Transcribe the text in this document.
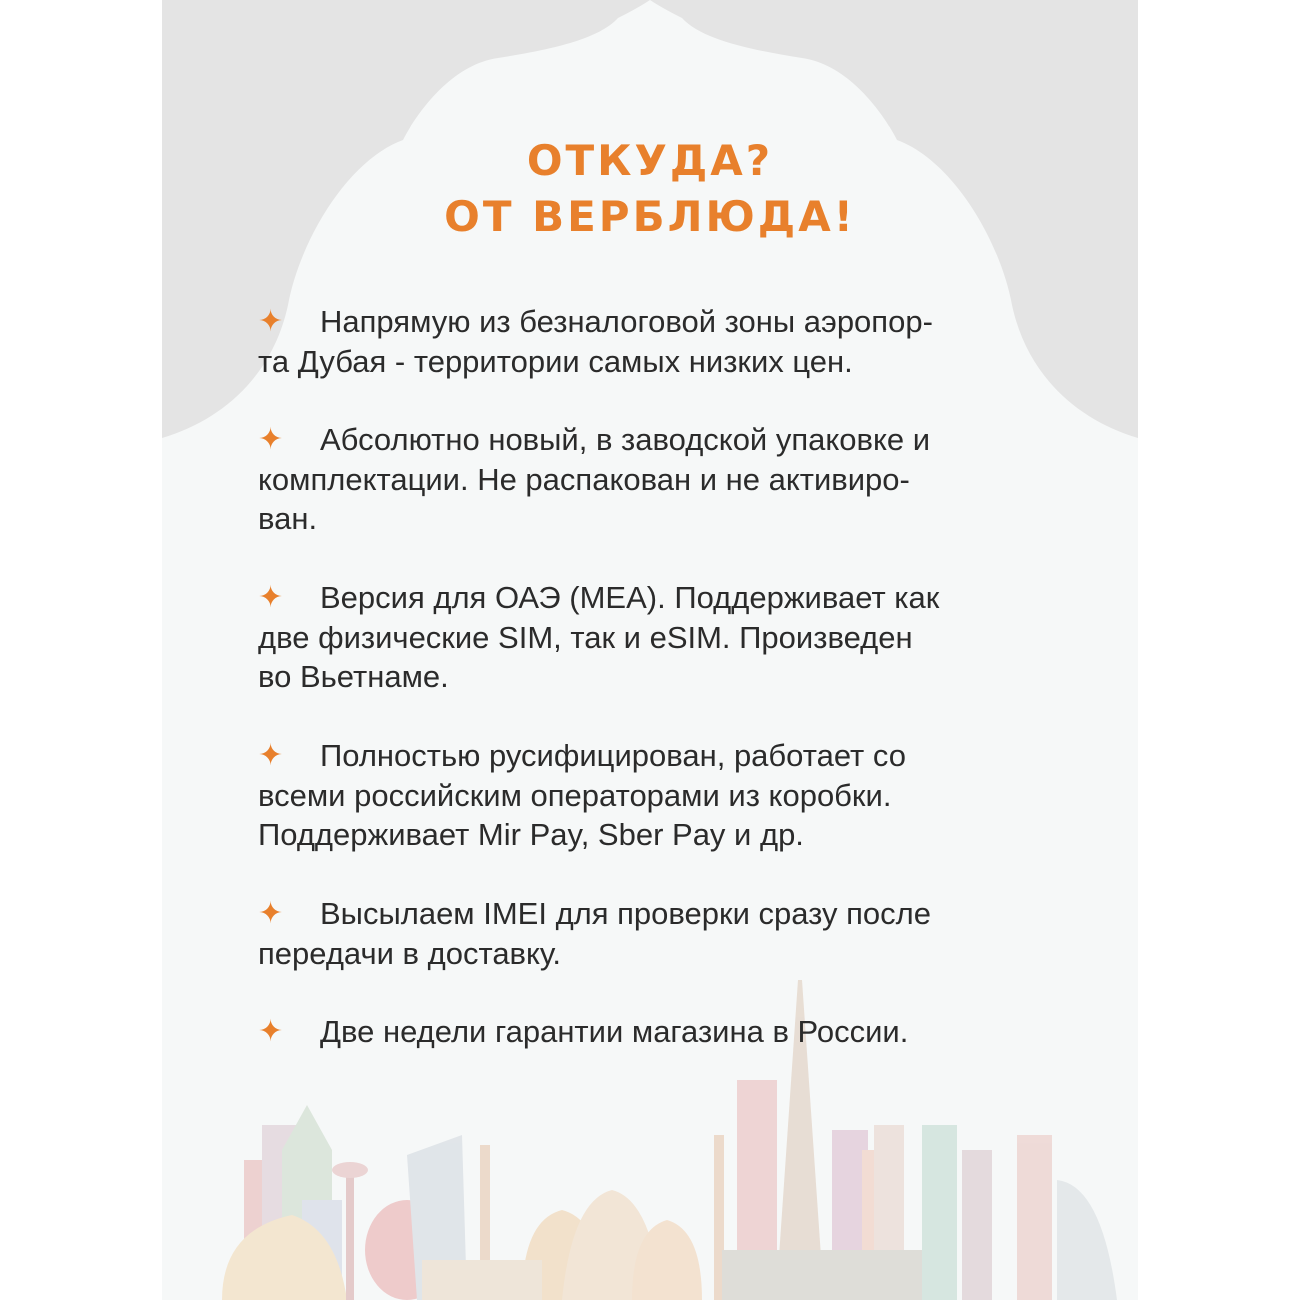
ОТКУДА?
ОТ ВЕРБЛЮДА!

✦ Напрямую из безналоговой зоны аэропор-
та Дубая - территории самых низких цен.

✦ Абсолютно новый, в заводской упаковке и
комплектации. Не распакован и не активиро-
ван.

✦ Версия для ОАЭ (MEA). Поддерживает как
две физические SIM, так и eSIM. Произведен
во Вьетнаме.

✦ Полностью русифицирован, работает со
всеми российским операторами из коробки.
Поддерживает Mir Pay, Sber Pay и др.

✦ Высылаем IMEI для проверки сразу после
передачи в доставку.

✦ Две недели гарантии магазина в России.
